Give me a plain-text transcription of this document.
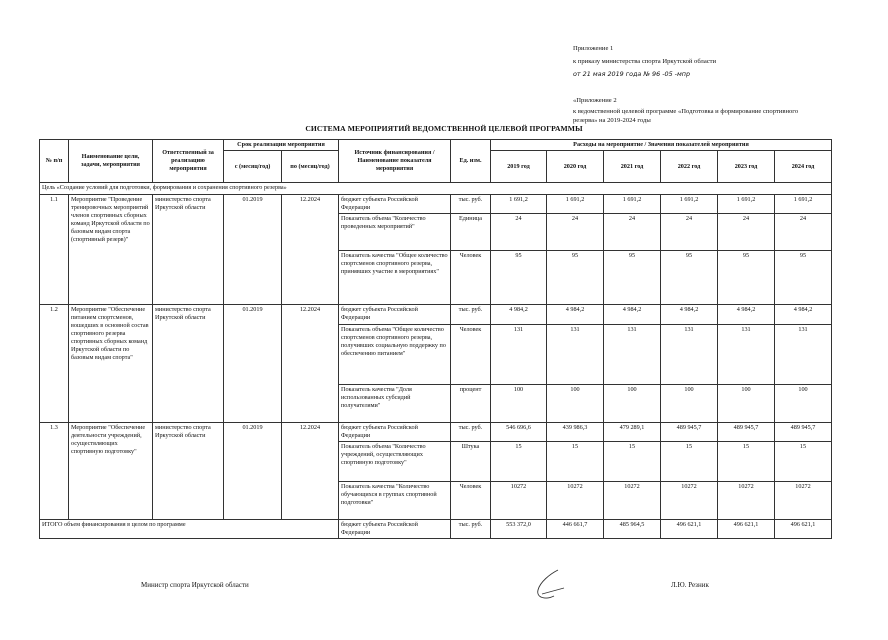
Приложение 1
к приказу министерства спорта Иркутской области
от 21 мая 2019 года № 96 -05 -мпр
«Приложение 2
к ведомственной целевой программе «Подготовка и формирование спортивного
резерва» на 2019-2024 годы
СИСТЕМА МЕРОПРИЯТИЙ ВЕДОМСТВЕННОЙ ЦЕЛЕВОЙ ПРОГРАММЫ
№ п/п	Наименование цели, задачи, мероприятия	Ответственный за реализацию мероприятия	Срок реализации мероприятия		Источник финансирования / Наименование показателя мероприятия	Ед. изм.	Расходы на мероприятие / Значения показателей мероприятия					
			с (месяц/год)	по (месяц/год)			2019 год	2020 год	2021 год	2022 год	2023 год	2024 год
Цель «Создание условий для подготовки, формирования и сохранения спортивного резерва»												
1.1	Мероприятие "Проведение тренировочных мероприятий членов спортивных сборных команд Иркутской области по базовым видам спорта (спортивный резерв)"	министерство спорта Иркутской области	01.2019	12.2024	бюджет субъекта Российской Федерации	тыс. руб.	1 691,2	1 691,2	1 691,2	1 691,2	1 691,2	1 691,2
					Показатель объема "Количество проведенных мероприятий"	Единица	24	24	24	24	24	24
					Показатель качества "Общее количество спортсменов спортивного резерва, принявших участие в мероприятиях"	Человек	95	95	95	95	95	95
1.2	Мероприятие "Обеспечение питанием спортсменов, вошедших в основной состав спортивного резерва спортивных сборных команд Иркутской области по базовым видам спорта"	министерство спорта Иркутской области	01.2019	12.2024	бюджет субъекта Российской Федерации	тыс. руб.	4 984,2	4 984,2	4 984,2	4 984,2	4 984,2	4 984,2
					Показатель объема "Общее количество спортсменов спортивного резерва, получивших социальную поддержку по обеспечению питанием"	Человек	131	131	131	131	131	131
					Показатель качества "Доля использованных субсидий получателями"	процент	100	100	100	100	100	100
1.3	Мероприятие "Обеспечение деятельности учреждений, осуществляющих спортивную подготовку"	министерство спорта Иркутской области	01.2019	12.2024	бюджет субъекта Российской Федерации	тыс. руб.	546 696,6	439 986,3	479 289,1	489 945,7	489 945,7	489 945,7
					Показатель объема "Количество учреждений, осуществляющих спортивную подготовку"	Штука	15	15	15	15	15	15
					Показатель качества "Количество обучающихся в группах спортивной подготовки"	Человек	10272	10272	10272	10272	10272	10272
ИТОГО объем финансирования в целом по программе					бюджет субъекта Российской Федерации	тыс. руб.	553 372,0	446 661,7	485 964,5	496 621,1	496 621,1	496 621,1
Министр спорта Иркутской области	Л.Ю. Резник
